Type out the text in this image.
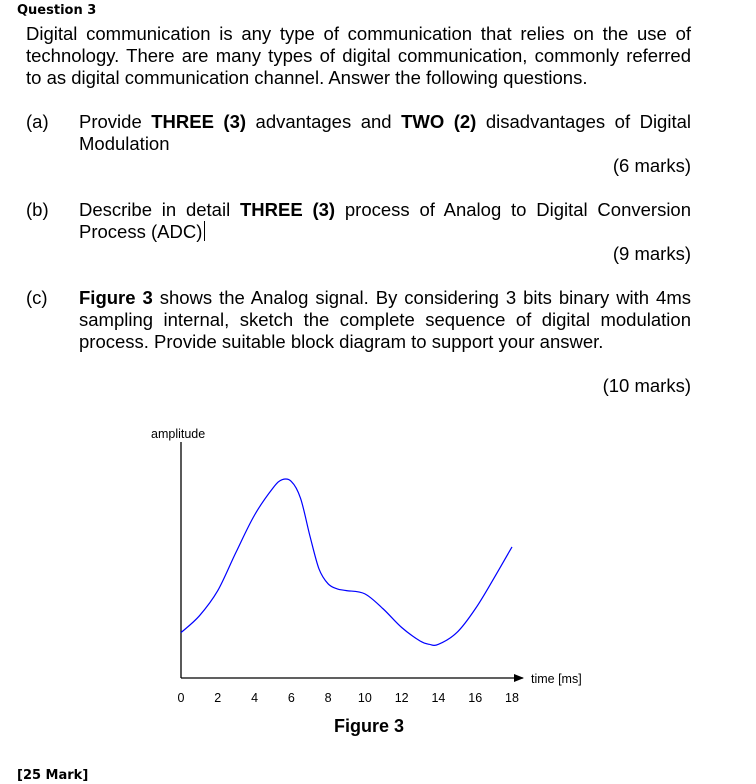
Question 3
Digital communication is any type of communication that relies on the use of technology. There are many types of digital communication, commonly referred to as digital communication channel. Answer the following questions.
(a) Provide THREE (3) advantages and TWO (2) disadvantages of Digital Modulation
(6 marks)
(b) Describe in detail THREE (3) process of Analog to Digital Conversion Process (ADC)
(9 marks)
(c) Figure 3 shows the Analog signal. By considering 3 bits binary with 4ms sampling internal, sketch the complete sequence of digital modulation process. Provide suitable block diagram to support your answer.
(10 marks)
amplitude
time [ms]
0 2 4 6 8 10 12 14 16 18
Figure 3
[25 Mark]
